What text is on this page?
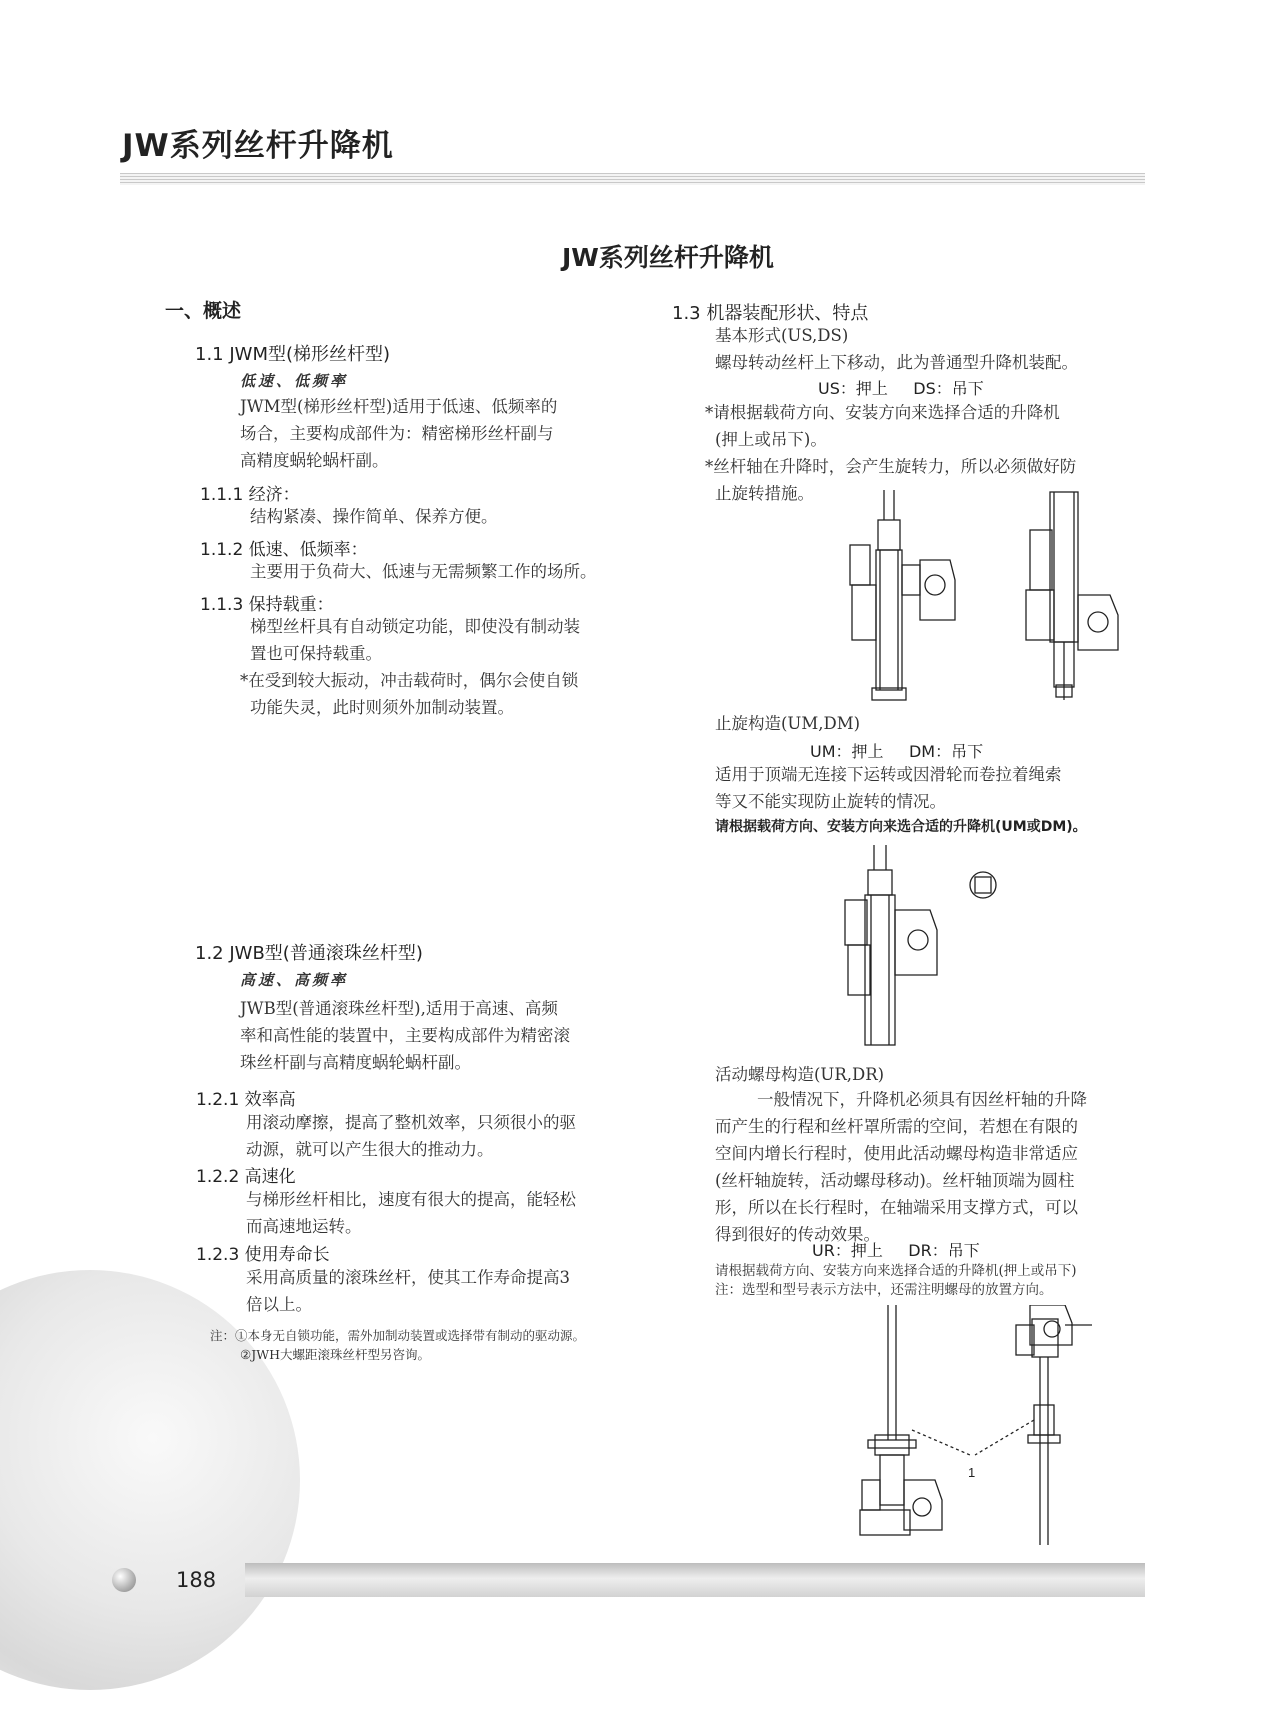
JW系列丝杆升降机
JW系列丝杆升降机
一、概述
1.1 JWM型(梯形丝杆型)
低速、低频率
JWM型(梯形丝杆型)适用于低速、低频率的
场合，主要构成部件为：精密梯形丝杆副与
高精度蜗轮蜗杆副。
1.1.1 经济：
结构紧凑、操作简单、保养方便。
1.1.2 低速、低频率：
主要用于负荷大、低速与无需频繁工作的场所。
1.1.3 保持载重：
梯型丝杆具有自动锁定功能，即使没有制动装
置也可保持载重。
*在受到较大振动，冲击载荷时，偶尔会使自锁
功能失灵，此时则须外加制动装置。
1.2 JWB型(普通滚珠丝杆型)
高速、高频率
JWB型(普通滚珠丝杆型),适用于高速、高频
率和高性能的装置中，主要构成部件为精密滚
珠丝杆副与高精度蜗轮蜗杆副。
1.2.1 效率高
用滚动摩擦，提高了整机效率，只须很小的驱
动源，就可以产生很大的推动力。
1.2.2 高速化
与梯形丝杆相比，速度有很大的提高，能轻松
而高速地运转。
1.2.3 使用寿命长
采用高质量的滚珠丝杆，使其工作寿命提高3
倍以上。
注：①本身无自锁功能，需外加制动装置或选择带有制动的驱动源。
②JWH大螺距滚珠丝杆型另咨询。
1.3 机器装配形状、特点
基本形式(US,DS)
螺母转动丝杆上下移动，此为普通型升降机装配。
US：押上     DS：吊下
*请根据载荷方向、安装方向来选择合适的升降机
(押上或吊下)。
*丝杆轴在升降时，会产生旋转力，所以必须做好防
止旋转措施。
止旋构造(UM,DM)
UM：押上     DM：吊下
适用于顶端无连接下运转或因滑轮而卷拉着绳索
等又不能实现防止旋转的情况。
请根据载荷方向、安装方向来选合适的升降机(UM或DM)。
活动螺母构造(UR,DR)
一般情况下，升降机必须具有因丝杆轴的升降
而产生的行程和丝杆罩所需的空间，若想在有限的
空间内增长行程时，使用此活动螺母构造非常适应
(丝杆轴旋转，活动螺母移动)。丝杆轴顶端为圆柱
形，所以在长行程时，在轴端采用支撑方式，可以
得到很好的传动效果。
UR：押上     DR：吊下
请根据载荷方向、安装方向来选择合适的升降机(押上或吊下)
注：选型和型号表示方法中，还需注明螺母的放置方向。
1
188
